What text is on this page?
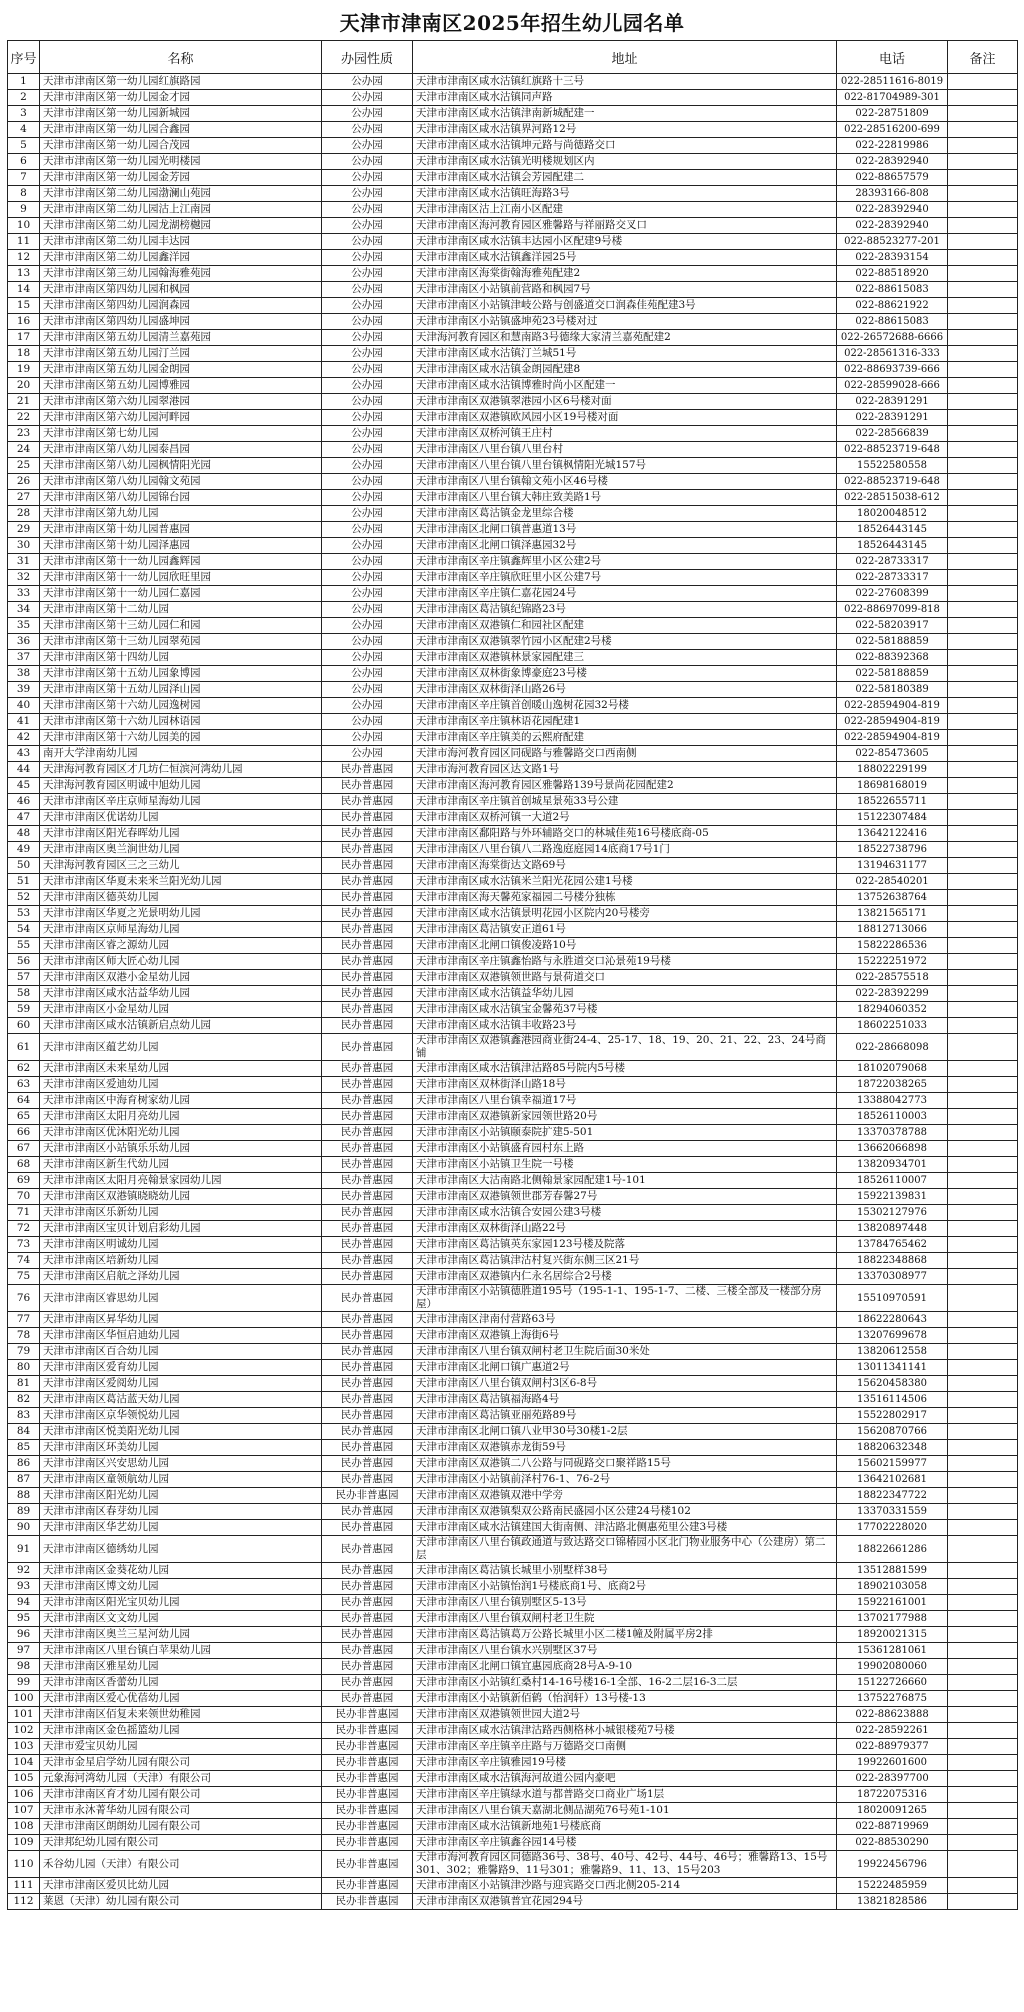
天津市津南区2025年招生幼儿园名单
序号	名称	办园性质	地址	电话	备注
1	天津市津南区第一幼儿园红旗路园	公办园	天津市津南区咸水沽镇红旗路十三号	022-28511616-8019	
2	天津市津南区第一幼儿园金才园	公办园	天津市津南区咸水沽镇同声路	022-81704989-301	
3	天津市津南区第一幼儿园新城园	公办园	天津市津南区咸水沽镇津南新城配建一	022-28751809	
4	天津市津南区第一幼儿园合鑫园	公办园	天津市津南区咸水沽镇界河路12号	022-28516200-699	
5	天津市津南区第一幼儿园合茂园	公办园	天津市津南区咸水沽镇坤元路与尚德路交口	022-22819986	
6	天津市津南区第一幼儿园光明楼园	公办园	天津市津南区咸水沽镇光明楼规划区内	022-28392940	
7	天津市津南区第一幼儿园金芳园	公办园	天津市津南区咸水沽镇会芳园配建二	022-88657579	
8	天津市津南区第二幼儿园渤澜山苑园	公办园	天津市津南区咸水沽镇旺海路3号	28393166-808	
9	天津市津南区第二幼儿园沽上江南园	公办园	天津市津南区沽上江南小区配建	022-28392940	
10	天津市津南区第二幼儿园龙湖榜樾园	公办园	天津市津南区海河教育园区雅馨路与祥丽路交叉口	022-28392940	
11	天津市津南区第二幼儿园丰达园	公办园	天津市津南区咸水沽镇丰达园小区配建9号楼	022-88523277-201	
12	天津市津南区第二幼儿园鑫洋园	公办园	天津市津南区咸水沽镇鑫洋园25号	022-28393154	
13	天津市津南区第三幼儿园翰海雅苑园	公办园	天津市津南区海棠街翰海雅苑配建2	022-88518920	
14	天津市津南区第四幼儿园和枫园	公办园	天津市津南区小站镇前营路和枫园7号	022-88615083	
15	天津市津南区第四幼儿园润森园	公办园	天津市津南区小站镇津岐公路与创盛道交口润森佳苑配建3号	022-88621922	
16	天津市津南区第四幼儿园盛坤园	公办园	天津市津南区小站镇盛坤苑23号楼对过	022-88615083	
17	天津市津南区第五幼儿园清兰嘉苑园	公办园	天津海河教育园区和慧南路3号德缘大家清兰嘉苑配建2	022-26572688-6666	
18	天津市津南区第五幼儿园汀兰园	公办园	天津市津南区咸水沽镇汀兰城51号	022-28561316-333	
19	天津市津南区第五幼儿园金朗园	公办园	天津市津南区咸水沽镇金朗园配建8	022-88693739-666	
20	天津市津南区第五幼儿园博雅园	公办园	天津市津南区咸水沽镇博雅时尚小区配建一	022-28599028-666	
21	天津市津南区第六幼儿园翠港园	公办园	天津市津南区双港镇翠港园小区6号楼对面	022-28391291	
22	天津市津南区第六幼儿园河畔园	公办园	天津市津南区双港镇欧风园小区19号楼对面	022-28391291	
23	天津市津南区第七幼儿园	公办园	天津市津南区双桥河镇王庄村	022-28566839	
24	天津市津南区第八幼儿园泰昌园	公办园	天津市津南区八里台镇八里台村	022-88523719-648	
25	天津市津南区第八幼儿园枫情阳光园	公办园	天津市津南区八里台镇八里台镇枫情阳光城157号	15522580558	
26	天津市津南区第八幼儿园翰文苑园	公办园	天津市津南区八里台镇翰文苑小区46号楼	022-88523719-648	
27	天津市津南区第八幼儿园锦台园	公办园	天津市津南区八里台镇大韩庄致美路1号	022-28515038-612	
28	天津市津南区第九幼儿园	公办园	天津市津南区葛沽镇金龙里综合楼	18020048512	
29	天津市津南区第十幼儿园普惠园	公办园	天津市津南区北闸口镇普惠道13号	18526443145	
30	天津市津南区第十幼儿园泽惠园	公办园	天津市津南区北闸口镇泽惠园32号	18526443145	
31	天津市津南区第十一幼儿园鑫辉园	公办园	天津市津南区辛庄镇鑫辉里小区公建2号	022-28733317	
32	天津市津南区第十一幼儿园欣旺里园	公办园	天津市津南区辛庄镇欣旺里小区公建7号	022-28733317	
33	天津市津南区第十一幼儿园仁嘉园	公办园	天津市津南区辛庄镇仁嘉花园24号	022-27608399	
34	天津市津南区第十二幼儿园	公办园	天津市津南区葛沽镇纪锦路23号	022-88697099-818	
35	天津市津南区第十三幼儿园仁和园	公办园	天津市津南区双港镇仁和园社区配建	022-58203917	
36	天津市津南区第十三幼儿园翠苑园	公办园	天津市津南区双港镇翠竹园小区配建2号楼	022-58188859	
37	天津市津南区第十四幼儿园	公办园	天津市津南区双港镇林景家园配建三	022-88392368	
38	天津市津南区第十五幼儿园象博园	公办园	天津市津南区双林街象博豪庭23号楼	022-58188859	
39	天津市津南区第十五幼儿园泽山园	公办园	天津市津南区双林街泽山路26号	022-58180389	
40	天津市津南区第十六幼儿园逸树园	公办园	天津市津南区辛庄镇首创暖山逸树花园32号楼	022-28594904-819	
41	天津市津南区第十六幼儿园林语园	公办园	天津市津南区辛庄镇林语花园配建1	022-28594904-819	
42	天津市津南区第十六幼儿园美的园	公办园	天津市津南区辛庄镇美的云熙府配建	022-28594904-819	
43	南开大学津南幼儿园	公办园	天津市海河教育园区同砚路与雅馨路交口西南侧	022-85473605	
44	天津海河教育园区才几坊仁恒滨河湾幼儿园	民办普惠园	天津市海河教育园区达文路1号	18802229199	
45	天津海河教育园区明诚中旭幼儿园	民办普惠园	天津市津南区海河教育园区雅馨路139号景尚花园配建2	18698168019	
46	天津市津南区辛庄京师星海幼儿园	民办普惠园	天津市津南区辛庄镇首创城星景苑33号公建	18522655711	
47	天津市津南区优诺幼儿园	民办普惠园	天津市津南区双桥河镇一大道2号	15122307484	
48	天津市津南区阳光春晖幼儿园	民办普惠园	天津市津南区鄱阳路与外环辅路交口的林城佳苑16号楼底商-05	13642122416	
49	天津市津南区奥兰涧世幼儿园	民办普惠园	天津市津南区八里台镇八二路逸庭庭园14底商17号1门	18522738796	
50	天津海河教育园区三之三幼儿	民办普惠园	天津市津南区海棠街达文路69号	13194631177	
51	天津市津南区华夏未来米兰阳光幼儿园	民办普惠园	天津市津南区咸水沽镇米兰阳光花园公建1号楼	022-28540201	
52	天津市津南区德英幼儿园	民办普惠园	天津市津南区海天馨苑家福园二号楼分独栋	13752638764	
53	天津市津南区华夏之光景明幼儿园	民办普惠园	天津市津南区咸水沽镇景明花园小区院内20号楼旁	13821565171	
54	天津市津南区京师星海幼儿园	民办普惠园	天津市津南区葛沽镇安正道61号	18812713066	
55	天津市津南区睿之源幼儿园	民办普惠园	天津市津南区北闸口镇俊凌路10号	15822286536	
56	天津市津南区师大匠心幼儿园	民办普惠园	天津市津南区辛庄镇鑫怡路与永胜道交口沁景苑19号楼	15222251972	
57	天津市津南区双港小金星幼儿园	民办普惠园	天津市津南区双港镇领世路与景荷道交口	022-28575518	
58	天津市津南区咸水沽益华幼儿园	民办普惠园	天津市津南区咸水沽镇益华幼儿园	022-28392299	
59	天津市津南区小金星幼儿园	民办普惠园	天津市津南区咸水沽镇宝金馨苑37号楼	18294060352	
60	天津市津南区咸水沽镇新启点幼儿园	民办普惠园	天津市津南区咸水沽镇丰收路23号	18602251033	
61	天津市津南区蕴艺幼儿园	民办普惠园	天津市津南区双港镇鑫港园商业街24-4、25-17、18、19、20、21、22、23、24号商铺	022-28668098	
62	天津市津南区未来星幼儿园	民办普惠园	天津市津南区咸水沽镇津沽路85号院内5号楼	18102079068	
63	天津市津南区爱迪幼儿园	民办普惠园	天津市津南区双林街泽山路18号	18722038265	
64	天津市津南区中海育树家幼儿园	民办普惠园	天津市津南区八里台镇幸福道17号	13388042773	
65	天津市津南区太阳月亮幼儿园	民办普惠园	天津市津南区双港镇新家园领世路20号	18526110003	
66	天津市津南区优沐阳光幼儿园	民办普惠园	天津市津南区小站镇颐泰院扩建5-501	13370378788	
67	天津市津南区小站镇乐乐幼儿园	民办普惠园	天津市津南区小站镇盛育园村东上路	13662066898	
68	天津市津南区新生代幼儿园	民办普惠园	天津市津南区小站镇卫生院一号楼	13820934701	
69	天津市津南区太阳月亮翰景家园幼儿园	民办普惠园	天津市津南区大沽南路北侧翰景家园配建1号-101	18526110007	
70	天津市津南区双港镇晓晓幼儿园	民办普惠园	天津市津南区双港镇领世郡芳春馨27号	15922139831	
71	天津市津南区乐新幼儿园	民办普惠园	天津市津南区咸水沽镇合安园公建3号楼	15302127976	
72	天津市津南区宝贝计划启彩幼儿园	民办普惠园	天津市津南区双林街泽山路22号	13820897448	
73	天津市津南区明诚幼儿园	民办普惠园	天津市津南区葛沽镇英东家园123号楼及院落	13784765462	
74	天津市津南区培新幼儿园	民办普惠园	天津市津南区葛沽镇津沽村复兴街东侧三区21号	18822348868	
75	天津市津南区启航之泽幼儿园	民办普惠园	天津市津南区双港镇内仁永名居综合2号楼	13370308977	
76	天津市津南区睿思幼儿园	民办普惠园	天津市津南区小站镇德胜道195号（195-1-1、195-1-7、二楼、三楼全部及一楼部分房屋）	15510970591	
77	天津市津南区昇华幼儿园	民办普惠园	天津市津南区津南付营路63号	18622280643	
78	天津市津南区华恒启迪幼儿园	民办普惠园	天津市津南区双港镇上海街6号	13207699678	
79	天津市津南区百合幼儿园	民办普惠园	天津市津南区八里台镇双闸村老卫生院后面30米处	13820612558	
80	天津市津南区爱育幼儿园	民办普惠园	天津市津南区北闸口镇广惠道2号	13011341141	
81	天津市津南区爱阅幼儿园	民办普惠园	天津市津南区八里台镇双闸村3区6-8号	15620458380	
82	天津市津南区葛沽蓝天幼儿园	民办普惠园	天津市津南区葛沽镇福海路4号	13516114506	
83	天津市津南区京华领悦幼儿园	民办普惠园	天津市津南区葛沽镇亚丽苑路89号	15522802917	
84	天津市津南区悦美阳光幼儿园	民办普惠园	天津市津南区北闸口镇八业甲30号30楼1-2层	15620870766	
85	天津市津南区环美幼儿园	民办普惠园	天津市津南区双港镇赤龙街59号	18820632348	
86	天津市津南区兴安思幼儿园	民办普惠园	天津市津南区双港镇二八公路与同砚路交口聚祥路15号	15602159977	
87	天津市津南区童领航幼儿园	民办普惠园	天津市津南区小站镇前泽村76-1、76-2号	13642102681	
88	天津市津南区阳光幼儿园	民办非普惠园	天津市津南区双港镇双港中学旁	18822347722	
89	天津市津南区春芽幼儿园	民办普惠园	天津市津南区双港镇梨双公路南民盛园小区公建24号楼102	13370331559	
90	天津市津南区华艺幼儿园	民办普惠园	天津市津南区咸水沽镇建国大街南侧、津沽路北侧惠苑里公建3号楼	17702228020	
91	天津市津南区德绣幼儿园	民办普惠园	天津市津南区八里台镇政通道与致达路交口锦椿园小区北门物业服务中心（公建房）第二层	18822661286	
92	天津市津南区金葵花幼儿园	民办普惠园	天津市津南区葛沽镇长城里小别墅样38号	13512881599	
93	天津市津南区博文幼儿园	民办普惠园	天津市津南区小站镇怡润1号楼底商1号、底商2号	18902103058	
94	天津市津南区阳光宝贝幼儿园	民办普惠园	天津市津南区八里台镇别墅区5-13号	15922161001	
95	天津市津南区文文幼儿园	民办普惠园	天津市津南区八里台镇双闸村老卫生院	13702177988	
96	天津市津南区奥兰三星河幼儿园	民办普惠园	天津市津南区葛沽镇葛万公路长城里小区二楼1幢及附属平房2排	18920021315	
97	天津市津南区八里台镇白苹果幼儿园	民办普惠园	天津市津南区八里台镇水兴别墅区37号	15361281061	
98	天津市津南区雅星幼儿园	民办普惠园	天津市津南区北闸口镇宜惠园底商28号A-9-10	19902080060	
99	天津市津南区香蕾幼儿园	民办普惠园	天津市津南区小站镇红桑村14-16号楼16-1全部、16-2二层16-3二层	15122726660	
100	天津市津南区爱心优蓓幼儿园	民办普惠园	天津市津南区小站镇新佰鹤（怡润轩）13号楼-13	13752276875	
101	天津市津南区佰复未来领世幼稚园	民办非普惠园	天津市津南区双港镇领世园大道2号	022-88623888	
102	天津市津南区金色摇篮幼儿园	民办非普惠园	天津市津南区咸水沽镇津沽路西侧格林小城银楼苑7号楼	022-28592261	
103	天津市爱宝贝幼儿园	民办非普惠园	天津市津南区辛庄镇辛庄路与万德路交口南侧	022-88979377	
104	天津市金星启学幼儿园有限公司	民办非普惠园	天津市津南区辛庄镇雅园19号楼	19922601600	
105	元象海河湾幼儿园（天津）有限公司	民办非普惠园	天津市津南区咸水沽镇海河故道公园内豪吧	022-28397700	
106	天津市津南区育才幼儿园有限公司	民办非普惠园	天津市津南区辛庄镇绿水道与都普路交口商业广场1层	18722075316	
107	天津市永沐菁华幼儿园有限公司	民办非普惠园	天津市津南区八里台镇天嘉湖北侧品湖苑76号苑1-101	18020091265	
108	天津市津南区朗朗幼儿园有限公司	民办非普惠园	天津市津南区咸水沽镇新地苑1号楼底商	022-88719969	
109	天津邦纪幼儿园有限公司	民办非普惠园	天津市津南区辛庄镇鑫谷园14号楼	022-88530290	
110	禾谷幼儿园（天津）有限公司	民办非普惠园	天津市海河教育园区同德路36号、38号、40号、42号、44号、46号；雅馨路13、15号301、302；雅馨路9、11号301；雅馨路9、11、13、15号203	19922456796	
111	天津市津南区爱贝比幼儿园	民办非普惠园	天津市津南区小站镇津沙路与迎宾路交口西北侧205-214	15222485959	
112	莱恩（天津）幼儿园有限公司	民办非普惠园	天津市津南区双港镇普宜花园294号	13821828586	
